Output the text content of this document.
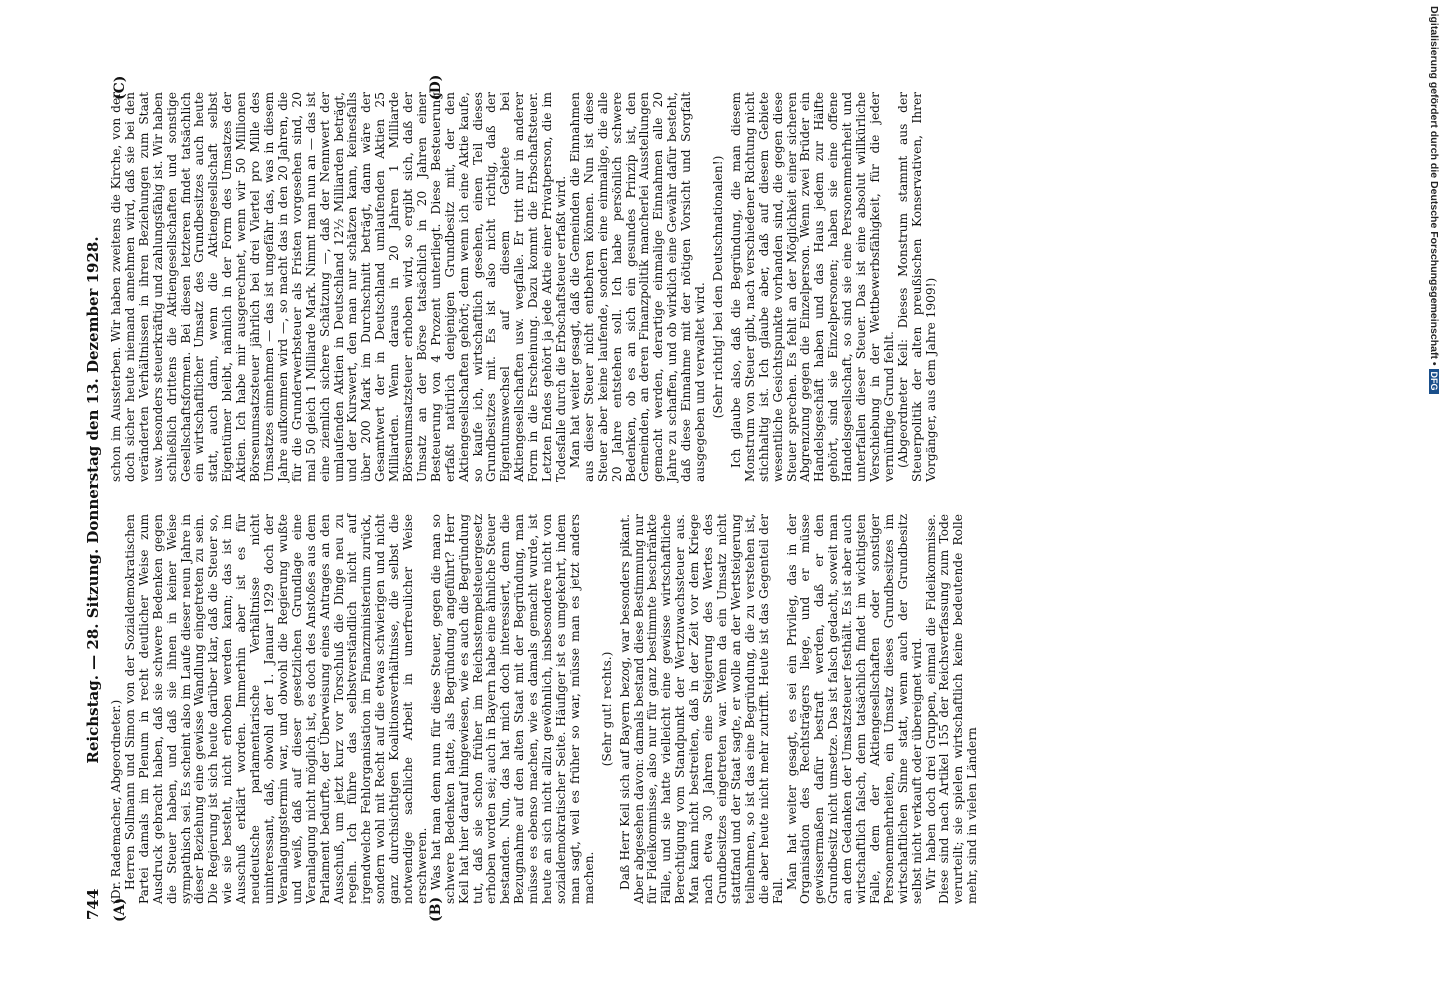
744
Reichstag. — 28. Sitzung. Donnerstag den 13. Dezember 1928.
(A)	(B)
(C)	(D)

(Dr. Rademacher, Abgeordneter.) Herren Sollmann und Simon von der Sozialdemokratischen Partei damals im Plenum in recht deutlicher Weise zum Ausdruck gebracht haben, daß sie schwere Bedenken gegen die Steuer haben, und daß sie ihnen in keiner Weise sympathisch sei. Es scheint also im Laufe dieser neun Jahre in dieser Beziehung eine gewisse Wandlung eingetreten zu sein. Die Regierung ist sich heute darüber klar, daß die Steuer so, wie sie besteht, nicht erhoben werden kann; das ist im Ausschuß erklärt worden. Immerhin aber ist es für neudeutsche parlamentarische Verhältnisse nicht uninteressant, daß, obwohl der 1. Januar 1929 doch der Veranlagungstermin war, und obwohl die Regierung wußte und weiß, daß auf dieser gesetzlichen Grundlage eine Veranlagung nicht möglich ist, es doch des Anstoßes aus dem Parlament bedurfte, der Überweisung eines Antrages an den Ausschuß, um jetzt kurz vor Torschluß die Dinge neu zu regeln. Ich führe das selbstverständlich nicht auf irgendwelche Fehlorganisation im Finanzministerium zurück, sondern wohl mit Recht auf die etwas schwierigen und nicht ganz durchsichtigen Koalitionsverhältnisse, die selbst die notwendige sachliche Arbeit in unerfreulicher Weise erschweren. Was hat man denn nun für diese Steuer, gegen die man so schwere Bedenken hatte, als Begründung angeführt? Herr Keil hat hier darauf hingewiesen, wie es auch die Begründung tut, daß sie schon früher im Reichsstempelsteuergesetz erhoben worden sei; auch in Bayern habe eine ähnliche Steuer bestanden. Nun, das hat mich doch interessiert, denn die Bezugnahme auf den alten Staat mit der Begründung, man müsse es ebenso machen, wie es damals gemacht wurde, ist heute an sich nicht allzu gewöhnlich, insbesondere nicht von sozialdemokratischer Seite. Häufiger ist es umgekehrt, indem man sagt, weil es früher so war, müsse man es jetzt anders machen.

(Sehr gut! rechts.) Daß Herr Keil sich auf Bayern bezog, war besonders pikant. Aber abgesehen davon: damals bestand diese Bestimmung nur für Fideikommisse, also nur für ganz bestimmte beschränkte Fälle, und sie hatte vielleicht eine gewisse wirtschaftliche Berechtigung vom Standpunkt der Wertzuwachssteuer aus. Man kann nicht bestreiten, daß in der Zeit vor dem Kriege nach etwa 30 Jahren eine Steigerung des Wertes des Grundbesitzes eingetreten war. Wenn da ein Umsatz nicht stattfand und der Staat sagte, er wolle an der Wertsteigerung teilnehmen, so ist das eine Begründung, die zu verstehen ist, die aber heute nicht mehr zutrifft. Heute ist das Gegenteil der Fall.

Man hat weiter gesagt, es sei ein Privileg, das in der Organisation des Rechtsträgers liege, und er müsse gewissermaßen dafür bestraft werden, daß er den Grundbesitz nicht umsetze. Das ist falsch gedacht, soweit man an dem Gedanken der Umsatzsteuer festhält. Es ist aber auch wirtschaftlich falsch, denn tatsächlich findet im wichtigsten Falle, dem der Aktiengesellschaften oder sonstiger Personenmehrheiten, ein Umsatz dieses Grundbesitzes im wirtschaftlichen Sinne statt, wenn auch der Grundbesitz selbst nicht verkauft oder übereignet wird. Wir haben doch drei Gruppen, einmal die Fideikommisse. Diese sind nach Artikel 155 der Reichsverfassung zum Tode verurteilt; sie spielen wirtschaftlich keine bedeutende Rolle mehr, sind in vielen Ländern

schon im Aussterben. Wir haben zweitens die Kirche, von der doch sicher heute niemand annehmen wird, daß sie bei den veränderten Verhältnissen in ihren Beziehungen zum Staat usw. besonders steuerkräftig und zahlungsfähig ist. Wir haben schließlich drittens die Aktiengesellschaften und sonstige Gesellschaftsformen. Bei diesen letzteren findet tatsächlich ein wirtschaftlicher Umsatz des Grundbesitzes auch heute statt, auch dann, wenn die Aktiengesellschaft selbst Eigentümer bleibt, nämlich in der Form des Umsatzes der Aktien. Ich habe mir ausgerechnet, wenn wir 50 Millionen Börsenumsatzsteuer jährlich bei drei Viertel pro Mille des Umsatzes einnehmen — das ist ungefähr das, was in diesem Jahre aufkommen wird —, so macht das in den 20 Jahren, die für die Grunderwerbsteuer als Fristen vorgesehen sind, 20 mal 50 gleich 1 Milliarde Mark. Nimmt man nun an — das ist eine ziemlich sichere Schätzung —, daß der Nennwert der umlaufenden Aktien in Deutschland 12½ Milliarden beträgt, und der Kurswert, den man nur schätzen kann, keinesfalls über 200 Mark im Durchschnitt beträgt, dann wäre der Gesamtwert der in Deutschland umlaufenden Aktien 25 Milliarden. Wenn daraus in 20 Jahren 1 Milliarde Börsenumsatzsteuer erhoben wird, so ergibt sich, daß der Umsatz an der Börse tatsächlich in 20 Jahren einer Besteuerung von 4 Prozent unterliegt. Diese Besteuerung erfaßt natürlich denjenigen Grundbesitz mit, der den Aktiengesellschaften gehört; denn wenn ich eine Aktie kaufe, so kaufe ich, wirtschaftlich gesehen, einen Teil dieses Grundbesitzes mit. Es ist also nicht richtig, daß der Eigentumswechsel auf diesem Gebiete bei Aktiengesellschaften usw. wegfalle. Er tritt nur in anderer Form in die Erscheinung. Dazu kommt die Erbschaftsteuer. Letzten Endes gehört ja jede Aktie einer Privatperson, die im Todesfalle durch die Erbschaftsteuer erfaßt wird. Man hat weiter gesagt, daß die Gemeinden die Einnahmen aus dieser Steuer nicht entbehren können. Nun ist diese Steuer aber keine laufende, sondern eine einmalige, die alle 20 Jahre entstehen soll. Ich habe persönlich schwere Bedenken, ob es an sich ein gesundes Prinzip ist, den Gemeinden, an deren Finanzpolitik mancherlei Ausstellungen gemacht werden, derartige einmalige Einnahmen alle 20 Jahre zu schaffen, und ob wirklich eine Gewähr dafür besteht, daß diese Einnahme mit der nötigen Vorsicht und Sorgfalt ausgegeben und verwaltet wird. (Sehr richtig! bei den Deutschnationalen!) Ich glaube also, daß die Begründung, die man diesem Monstrum von Steuer gibt, nach verschiedener Richtung nicht stichhaltig ist. Ich glaube aber, daß auf diesem Gebiete wesentliche Gesichtspunkte vorhanden sind, die gegen diese Steuer sprechen. Es fehlt an der Möglichkeit einer sicheren Abgrenzung gegen die Einzelperson. Wenn zwei Brüder ein Handelsgeschäft haben und das Haus jedem zur Hälfte gehört, sind sie Einzelpersonen; haben sie eine offene Handelsgesellschaft, so sind sie eine Personenmehrheit und unterfallen dieser Steuer. Das ist eine absolut willkürliche Verschiebung in der Wettbewerbsfähigkeit, für die jeder vernünftige Grund fehlt. (Abgeordneter Keil: Dieses Monstrum stammt aus der Steuerpolitik der alten preußischen Konservativen, Ihrer Vorgänger, aus dem Jahre 1909!)

Digitalisierung gefördert durch die Deutsche Forschungsgemeinschaft • DFG
